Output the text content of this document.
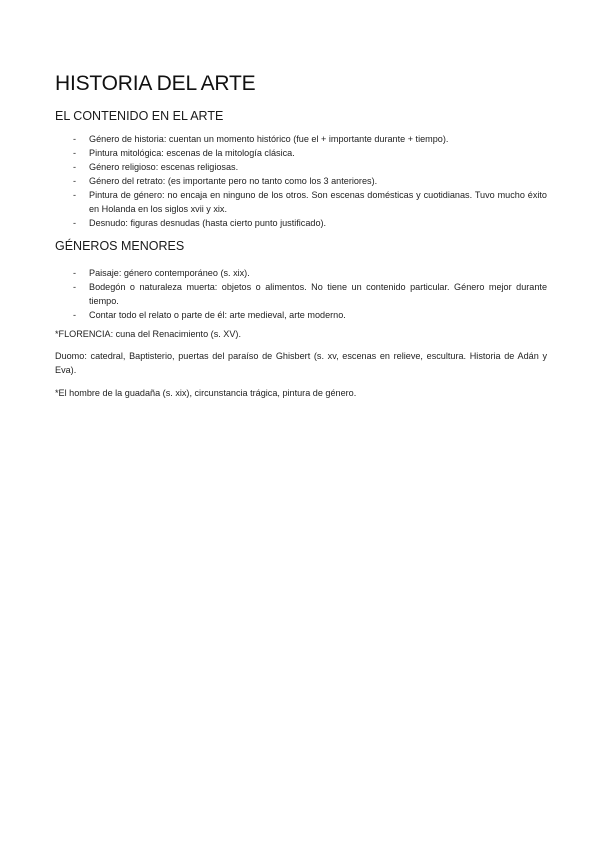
HISTORIA DEL ARTE
EL CONTENIDO EN EL ARTE
- Género de historia: cuentan un momento histórico (fue el + importante durante + tiempo).
- Pintura mitológica: escenas de la mitología clásica.
- Género religioso: escenas religiosas.
- Género del retrato: (es importante pero no tanto como los 3 anteriores).
- Pintura de género: no encaja en ninguno de los otros. Son escenas domésticas y cuotidianas. Tuvo mucho éxito en Holanda en los siglos xvii y xix.
- Desnudo: figuras desnudas (hasta cierto punto justificado).
GÉNEROS MENORES
- Paisaje: género contemporáneo (s. xix).
- Bodegón o naturaleza muerta: objetos o alimentos. No tiene un contenido particular. Género mejor durante tiempo.
- Contar todo el relato o parte de él: arte medieval, arte moderno.

*FLORENCIA: cuna del Renacimiento (s. XV).

Duomo: catedral, Baptisterio, puertas del paraíso de Ghisbert (s. xv, escenas en relieve, escultura. Historia de Adán y Eva).

*El hombre de la guadaña (s. xix), circunstancia trágica, pintura de género.
